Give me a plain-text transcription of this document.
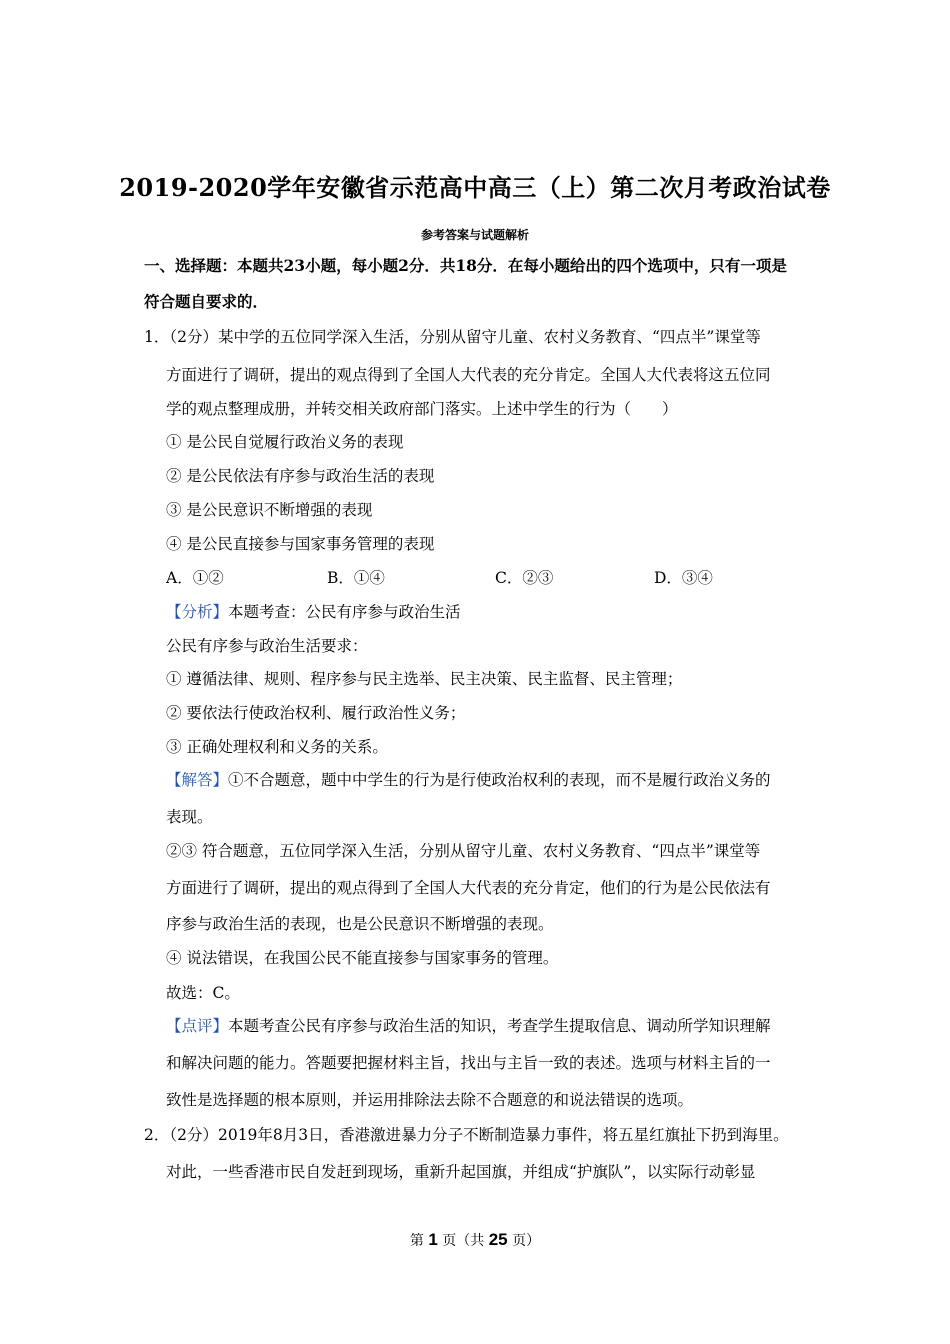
2019-2020学年安徽省示范高中高三（上）第二次月考政治试卷
参考答案与试题解析
一、选择题：本题共23小题，每小题2分．共18分．在每小题给出的四个选项中，只有一项是
符合题自要求的．
1．（2分）某中学的五位同学深入生活，分别从留守儿童、农村义务教育、“四点半”课堂等
方面进行了调研，提出的观点得到了全国人大代表的充分肯定。全国人大代表将这五位同
学的观点整理成册，并转交相关政府部门落实。上述中学生的行为（　　）
① 是公民自觉履行政治义务的表现
② 是公民依法有序参与政治生活的表现
③ 是公民意识不断增强的表现
④ 是公民直接参与国家事务管理的表现
A．①②	B．①④	C．②③	D．③④
【分析】本题考查：公民有序参与政治生活
公民有序参与政治生活要求：
① 遵循法律、规则、程序参与民主选举、民主决策、民主监督、民主管理；
② 要依法行使政治权利、履行政治性义务；
③ 正确处理权利和义务的关系。
【解答】①不合题意，题中中学生的行为是行使政治权利的表现，而不是履行政治义务的
表现。
②③ 符合题意，五位同学深入生活，分别从留守儿童、农村义务教育、“四点半”课堂等
方面进行了调研，提出的观点得到了全国人大代表的充分肯定，他们的行为是公民依法有
序参与政治生活的表现，也是公民意识不断增强的表现。
④ 说法错误，在我国公民不能直接参与国家事务的管理。
故选：C。
【点评】本题考查公民有序参与政治生活的知识，考查学生提取信息、调动所学知识理解
和解决问题的能力。答题要把握材料主旨，找出与主旨一致的表述。选项与材料主旨的一
致性是选择题的根本原则，并运用排除法去除不合题意的和说法错误的选项。
2．（2分）2019年8月3日，香港激进暴力分子不断制造暴力事件，将五星红旗扯下扔到海里。
对此，一些香港市民自发赶到现场，重新升起国旗，并组成“护旗队”，以实际行动彰显
第 1 页（共 25 页）
